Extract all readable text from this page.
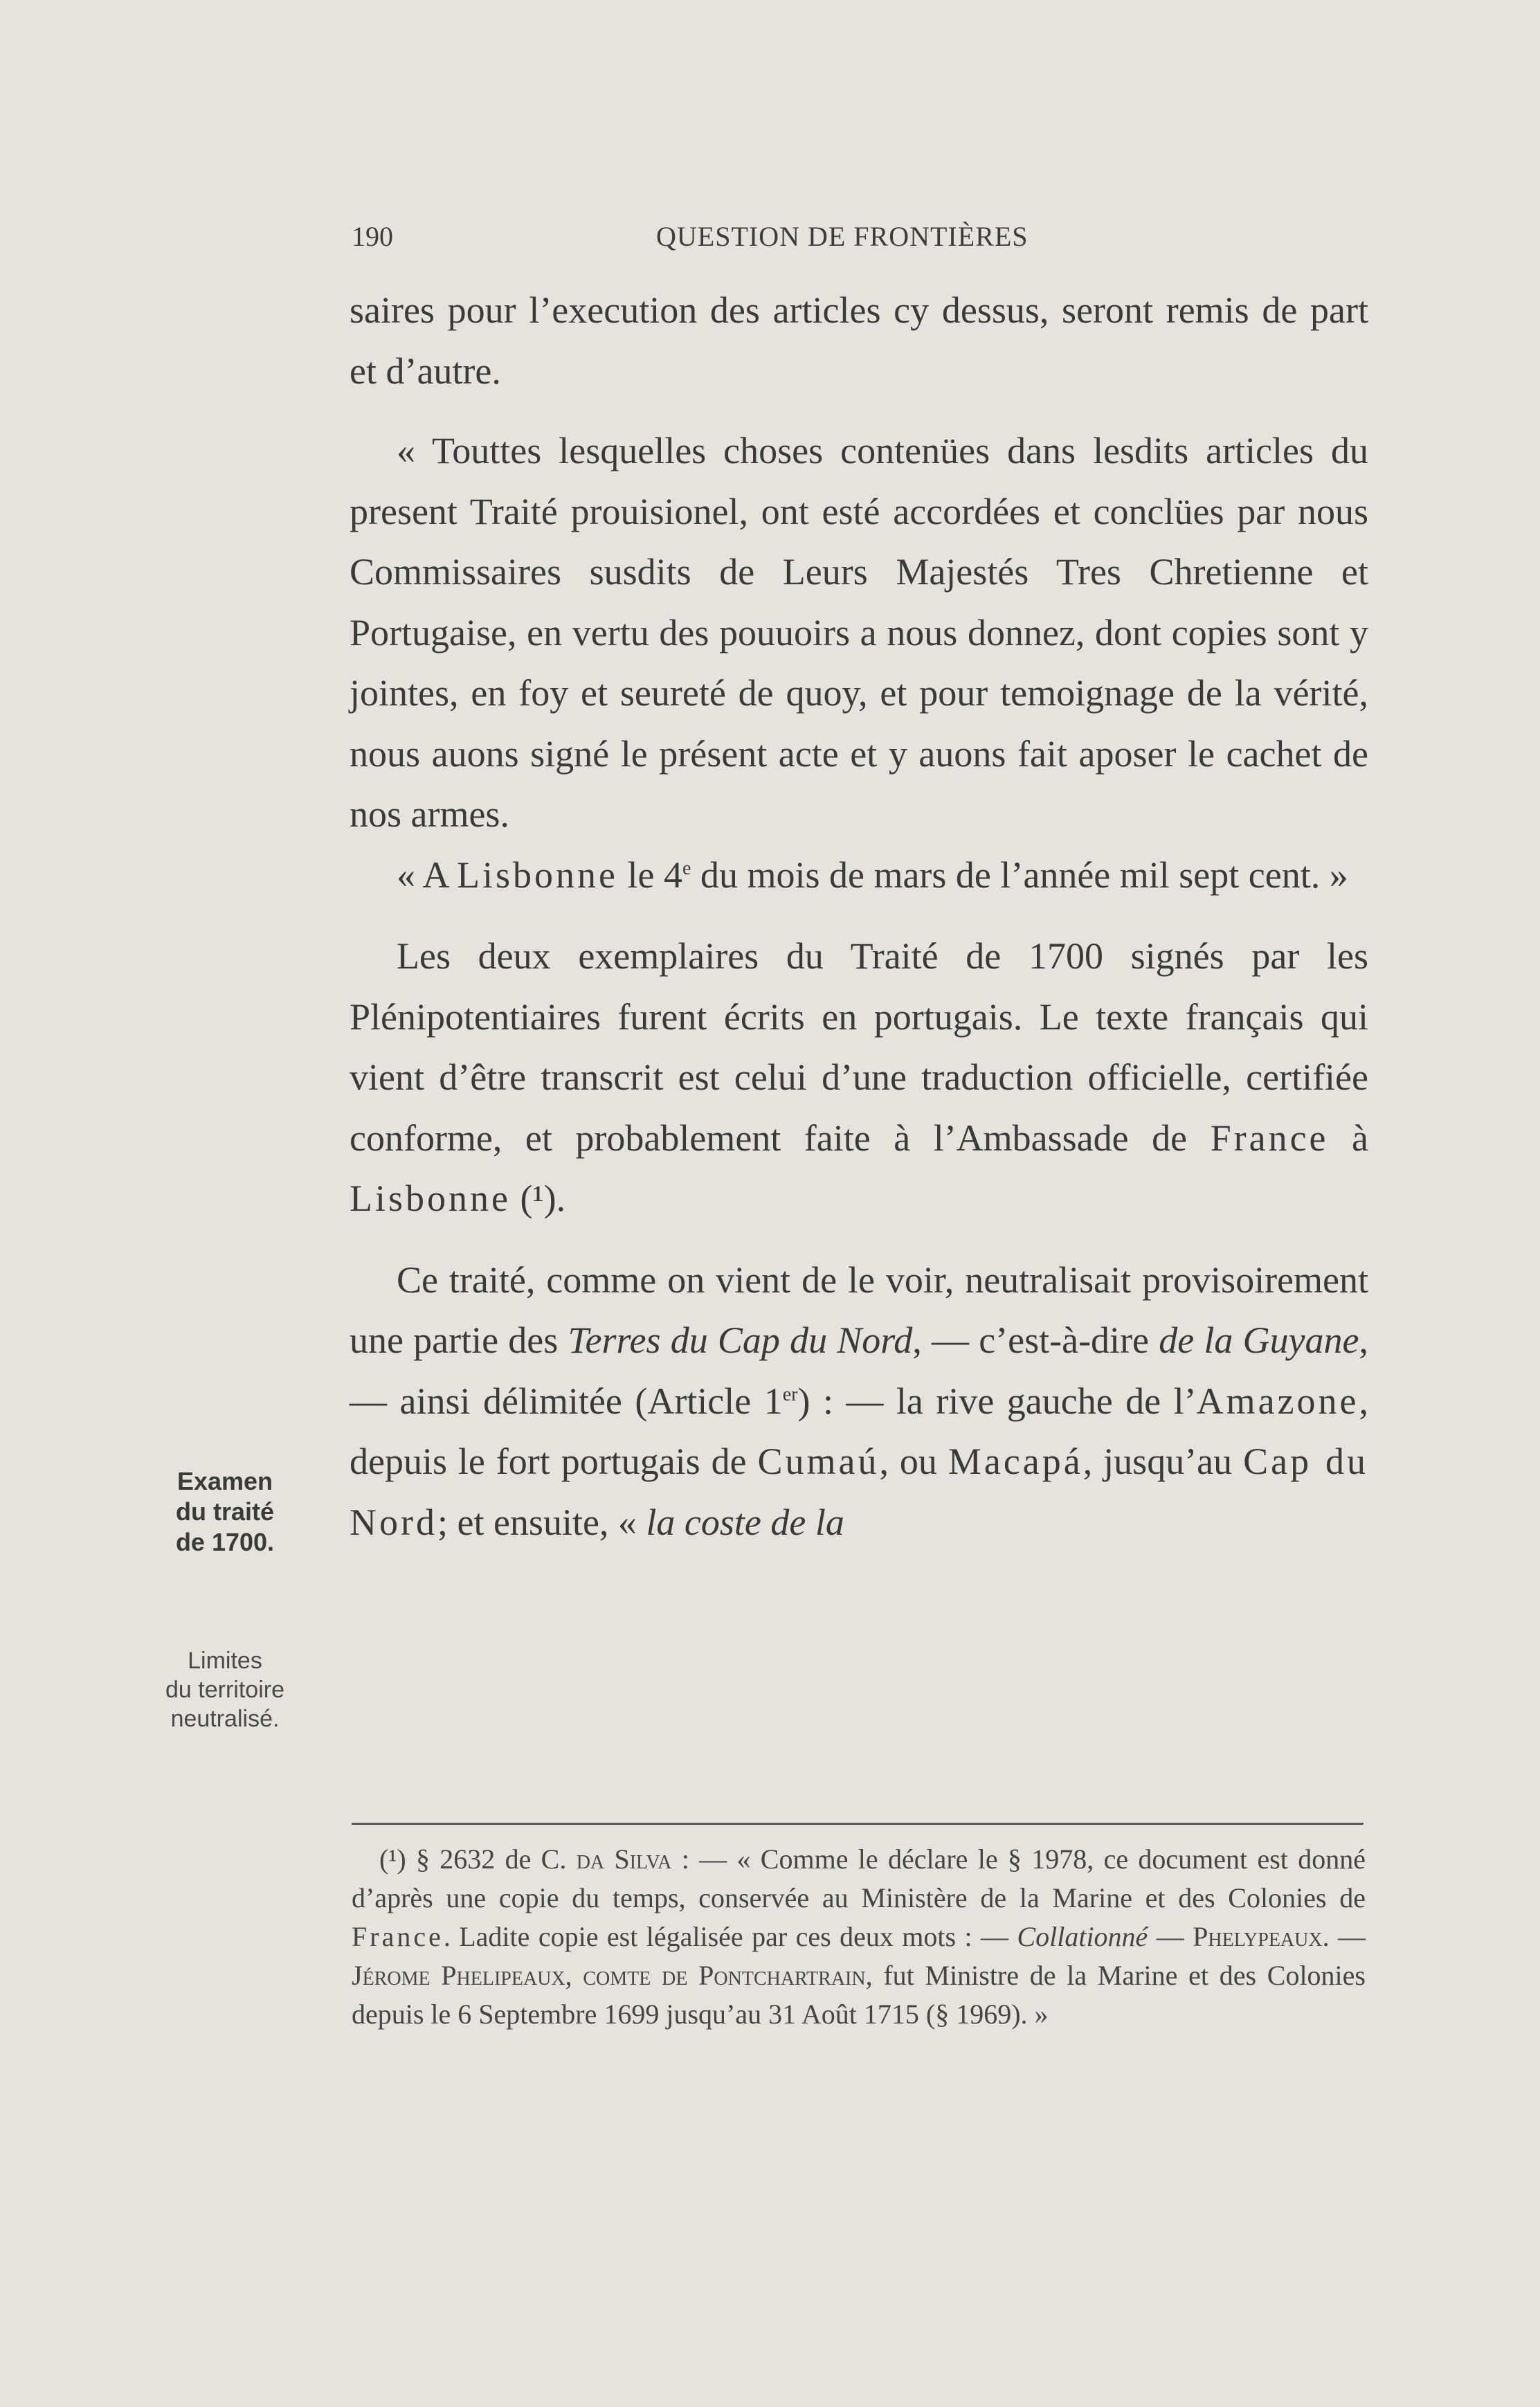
190	QUESTION DE FRONTIÈRES

saires pour l’execution des articles cy dessus, seront remis de part et d’autre.

« Touttes lesquelles choses contenües dans lesdits articles du present Traité prouisionel, ont esté accordées et conclües par nous Commissaires susdits de Leurs Majestés Tres Chretienne et Portugaise, en vertu des pouuoirs a nous donnez, dont copies sont y jointes, en foy et seureté de quoy, et pour temoignage de la vérité, nous auons signé le présent acte et y auons fait aposer le cachet de nos armes.

« A Lisbonne le 4e du mois de mars de l’année mil sept cent. »

Les deux exemplaires du Traité de 1700 signés par les Plénipotentiaires furent écrits en portugais. Le texte français qui vient d’être transcrit est celui d’une traduction officielle, certifiée conforme, et probablement faite à l’Ambassade de France à Lisbonne (¹).

Ce traité, comme on vient de le voir, neutralisait provisoirement une partie des Terres du Cap du Nord, — c’est-à-dire de la Guyane, — ainsi délimitée (Article 1er) : — la rive gauche de l’Amazone, depuis le fort portugais de Cumaú, ou Macapá, jusqu’au Cap du Nord; et ensuite, « la coste de la

Examen
du traité
de 1700.
Limites
du territoire
neutralisé.

(¹) § 2632 de C. da Silva : — « Comme le déclare le § 1978, ce document est donné d’après une copie du temps, conservée au Ministère de la Marine et des Colonies de France. Ladite copie est légalisée par ces deux mots : — Collationné — Phelypeaux. — Jérome Phelipeaux, comte de Pontchartrain, fut Ministre de la Marine et des Colonies depuis le 6 Septembre 1699 jusqu’au 31 Août 1715 (§ 1969). »
